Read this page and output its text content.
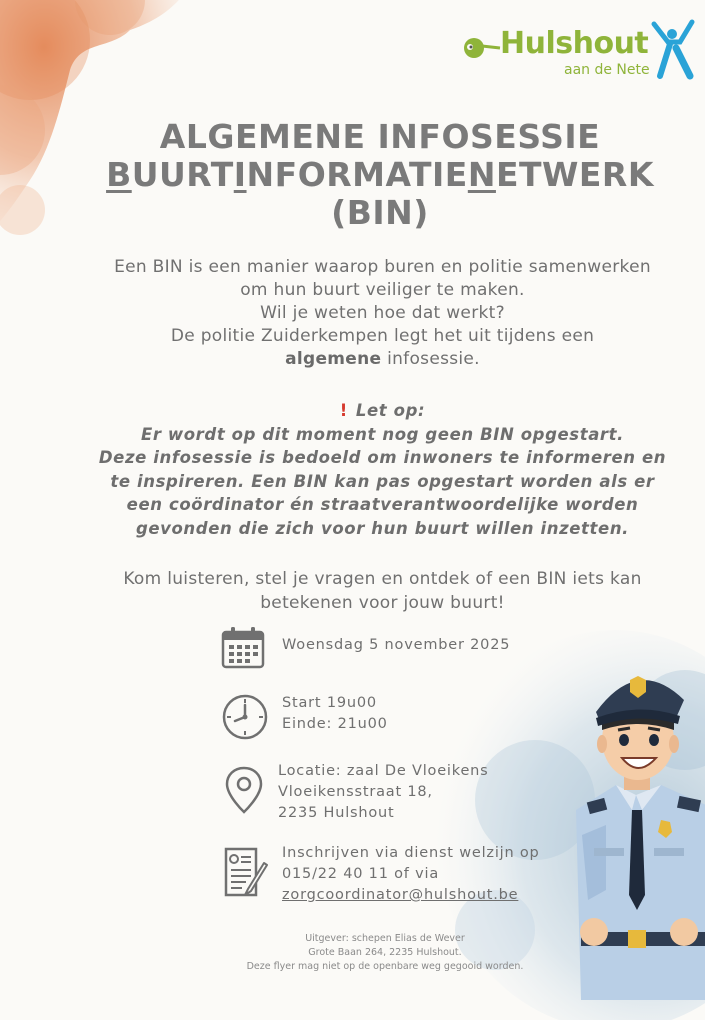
Hulshout
aan de Nete
ALGEMENE INFOSESSIE
BUURTINFORMATIENETWERK
(BIN)
Een BIN is een manier waarop buren en politie samenwerken
om hun buurt veiliger te maken.
Wil je weten hoe dat werkt?
De politie Zuiderkempen legt het uit tijdens een
algemene infosessie.
! Let op:
Er wordt op dit moment nog geen BIN opgestart.
Deze infosessie is bedoeld om inwoners te informeren en
te inspireren. Een BIN kan pas opgestart worden als er
een coördinator én straatverantwoordelijke worden
gevonden die zich voor hun buurt willen inzetten.
Kom luisteren, stel je vragen en ontdek of een BIN iets kan
betekenen voor jouw buurt!
Woensdag 5 november 2025
Start 19u00
Einde: 21u00
Locatie: zaal De Vloeikens
Vloeikensstraat 18,
2235 Hulshout
Inschrijven via dienst welzijn op
015/22 40 11 of via
zorgcoordinator@hulshout.be
Uitgever: schepen Elias de Wever
Grote Baan 264, 2235 Hulshout.
Deze flyer mag niet op de openbare weg gegooid worden.
